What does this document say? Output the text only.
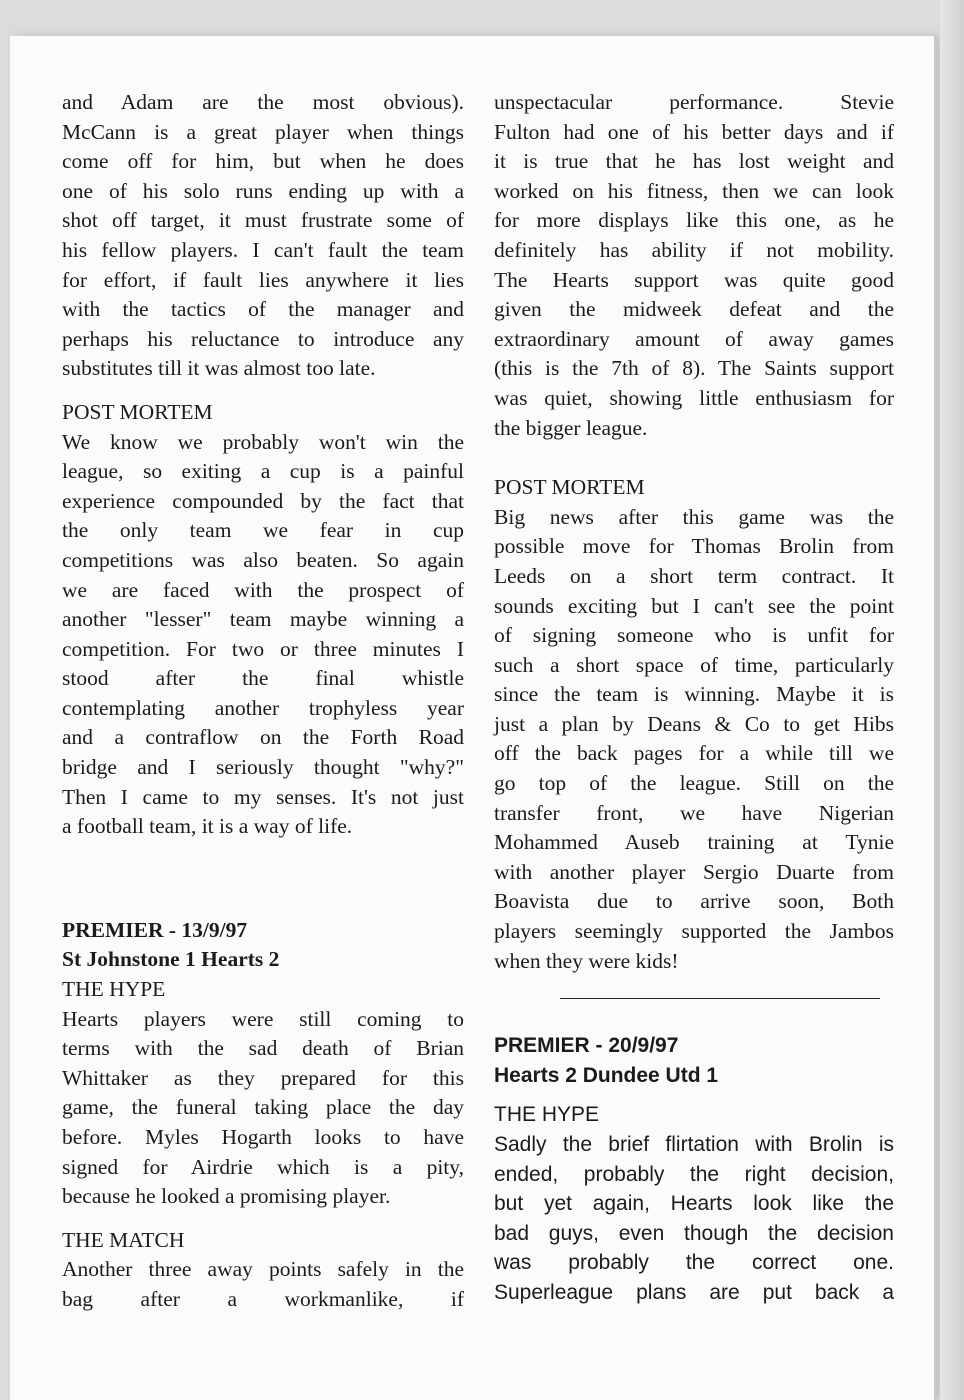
and Adam are the most obvious).
McCann is a great player when things
come off for him, but when he does
one of his solo runs ending up with a
shot off target, it must frustrate some of
his fellow players. I can't fault the team
for effort, if fault lies anywhere it lies
with the tactics of the manager and
perhaps his reluctance to introduce any
substitutes till it was almost too late.
POST MORTEM
We know we probably won't win the
league, so exiting a cup is a painful
experience compounded by the fact that
the only team we fear in cup
competitions was also beaten. So again
we are faced with the prospect of
another "lesser" team maybe winning a
competition. For two or three minutes I
stood after the final whistle
contemplating another trophyless year
and a contraflow on the Forth Road
bridge and I seriously thought "why?"
Then I came to my senses. It's not just
a football team, it is a way of life.
PREMIER - 13/9/97
St Johnstone 1 Hearts 2
THE HYPE
Hearts players were still coming to
terms with the sad death of Brian
Whittaker as they prepared for this
game, the funeral taking place the day
before. Myles Hogarth looks to have
signed for Airdrie which is a pity,
because he looked a promising player.
THE MATCH
Another three away points safely in the
bag after a workmanlike, if
unspectacular performance. Stevie
Fulton had one of his better days and if
it is true that he has lost weight and
worked on his fitness, then we can look
for more displays like this one, as he
definitely has ability if not mobility.
The Hearts support was quite good
given the midweek defeat and the
extraordinary amount of away games
(this is the 7th of 8). The Saints support
was quiet, showing little enthusiasm for
the bigger league.
POST MORTEM
Big news after this game was the
possible move for Thomas Brolin from
Leeds on a short term contract. It
sounds exciting but I can't see the point
of signing someone who is unfit for
such a short space of time, particularly
since the team is winning. Maybe it is
just a plan by Deans & Co to get Hibs
off the back pages for a while till we
go top of the league. Still on the
transfer front, we have Nigerian
Mohammed Auseb training at Tynie
with another player Sergio Duarte from
Boavista due to arrive soon, Both
players seemingly supported the Jambos
when they were kids!
PREMIER - 20/9/97
Hearts 2 Dundee Utd 1
THE HYPE
Sadly the brief flirtation with Brolin is
ended, probably the right decision,
but yet again, Hearts look like the
bad guys, even though the decision
was probably the correct one.
Superleague plans are put back a
